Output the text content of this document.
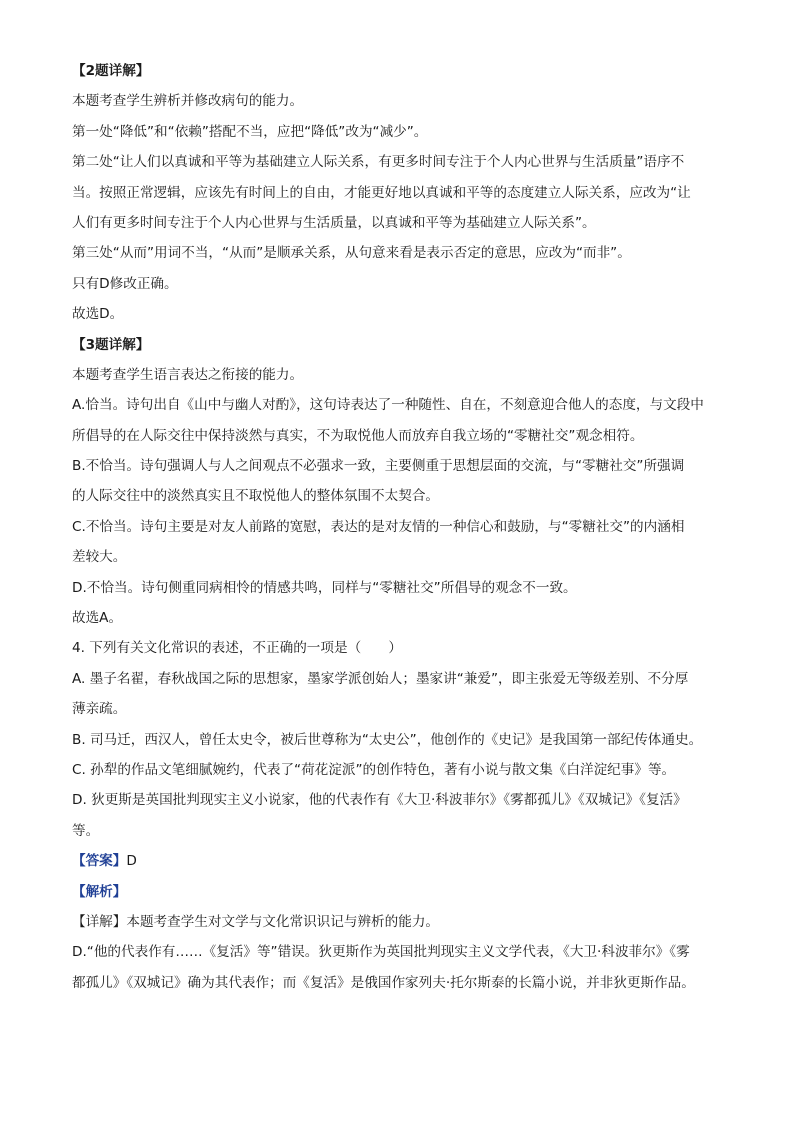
【2题详解】

本题考查学生辨析并修改病句的能力。

第一处“降低”和“依赖”搭配不当，应把“降低”改为“减少”。

第二处“让人们以真诚和平等为基础建立人际关系，有更多时间专注于个人内心世界与生活质量”语序不

当。按照正常逻辑，应该先有时间上的自由，才能更好地以真诚和平等的态度建立人际关系，应改为“让

人们有更多时间专注于个人内心世界与生活质量，以真诚和平等为基础建立人际关系”。

第三处“从而”用词不当，“从而”是顺承关系，从句意来看是表示否定的意思，应改为“而非”。

只有D修改正确。

故选D。

【3题详解】

本题考查学生语言表达之衔接的能力。

A.恰当。诗句出自《山中与幽人对酌》，这句诗表达了一种随性、自在，不刻意迎合他人的态度，与文段中

所倡导的在人际交往中保持淡然与真实，不为取悦他人而放弃自我立场的“零糖社交”观念相符。

B.不恰当。诗句强调人与人之间观点不必强求一致，主要侧重于思想层面的交流，与“零糖社交”所强调

的人际交往中的淡然真实且不取悦他人的整体氛围不太契合。

C.不恰当。诗句主要是对友人前路的宽慰，表达的是对友情的一种信心和鼓励，与“零糖社交”的内涵相

差较大。

D.不恰当。诗句侧重同病相怜的情感共鸣，同样与“零糖社交”所倡导的观念不一致。

故选A。

4. 下列有关文化常识的表述，不正确的一项是（　　）

A. 墨子名翟，春秋战国之际的思想家，墨家学派创始人；墨家讲“兼爱”，即主张爱无等级差别、不分厚

薄亲疏。

B. 司马迁，西汉人，曾任太史令，被后世尊称为“太史公”，他创作的《史记》是我国第一部纪传体通史。

C. 孙犁的作品文笔细腻婉约，代表了“荷花淀派”的创作特色，著有小说与散文集《白洋淀纪事》等。

D. 狄更斯是英国批判现实主义小说家，他的代表作有《大卫·科波菲尔》《雾都孤儿》《双城记》《复活》

等。

【答案】D

【解析】

【详解】本题考查学生对文学与文化常识识记与辨析的能力。

D.“他的代表作有……《复活》等”错误。狄更斯作为英国批判现实主义文学代表，《大卫·科波菲尔》《雾

都孤儿》《双城记》确为其代表作；而《复活》是俄国作家列夫·托尔斯泰的长篇小说，并非狄更斯作品。
